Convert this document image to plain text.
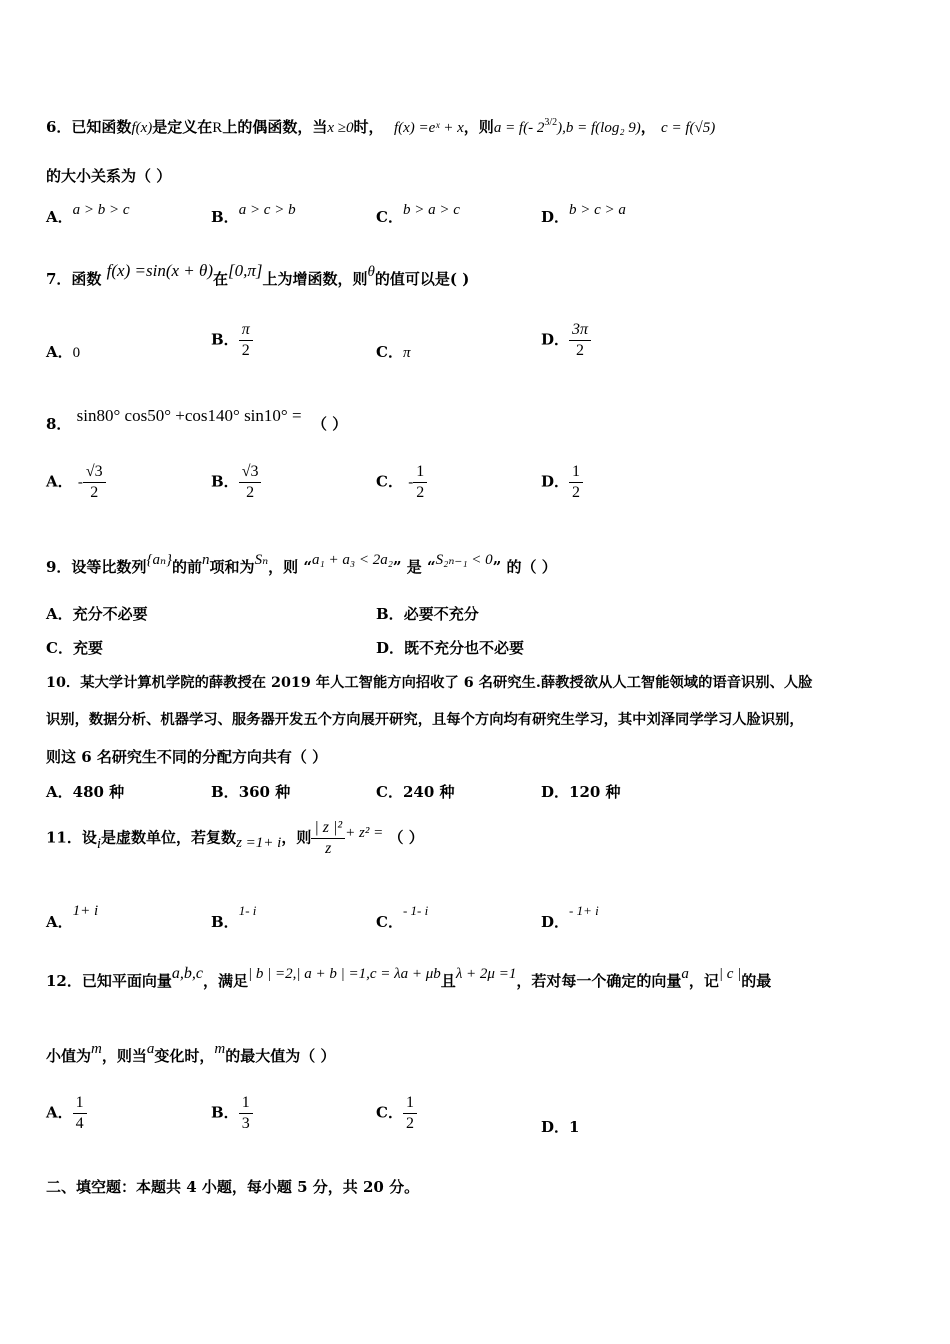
6．已知函数f(x)是定义在R上的偶函数，当x ≥0时， f(x) =eˣ + x，则a = f(- $2^{3/2}),b = f(\log_2$ 9)， c = f(√5)
的大小关系为（ ）
A．a > b > c	B．a > c > b	C．b > a > c	D．b > c > a
7．函数 f(x) =sin(x + θ)在[0,π]上为增函数，则θ的值可以是( )
A．0
B． $\frac{\pi}{2}$	C．π
D． $\frac{3\pi}{2}$
8． sin80° cos50° +cos140° sin10° = （ ）
A． - $\frac{√3}{2}$	B． $\frac{√3}{2}$	C． - $\frac{1}{2}$	D． $\frac{1}{2}$
9．设等比数列{aₙ}的前n项和为Sₙ，则 “a₁ + a₃ < 2a₂” 是 “S₂ₙ₋₁ < 0” 的（ ）
A．充分不必要	B．必要不充分
C．充要	D．既不充分也不必要
10．某大学计算机学院的薛教授在 2019 年人工智能方向招收了 6 名研究生.薛教授欲从人工智能领域的语音识别、人脸
识别，数据分析、机器学习、服务器开发五个方向展开研究，且每个方向均有研究生学习，其中刘泽同学学习人脸识别，
则这 6 名研究生不同的分配方向共有（ ）
A．480 种	B．360 种	C．240 种	D．120 种
11．设i是虚数单位，若复数z =1+ i，则 $\frac{\text{| z |²}}{z} + z^2$ = （ ）
A．1+ i
B．1- i
C．- 1- i
D．- 1+ i
12．已知平面向量a,b,c，满足| b | =2,| a + b | =1,c = λa + μb且λ + 2μ =1，若对每一个确定的向量a，记| c |的最
小值为m，则当a变化时，m的最大值为（ ）
A． $\frac{1}{4}$	B． $\frac{1}{3}$	C． $\frac{1}{2}$	D．1
二、填空题：本题共 4 小题，每小题 5 分，共 20 分。
